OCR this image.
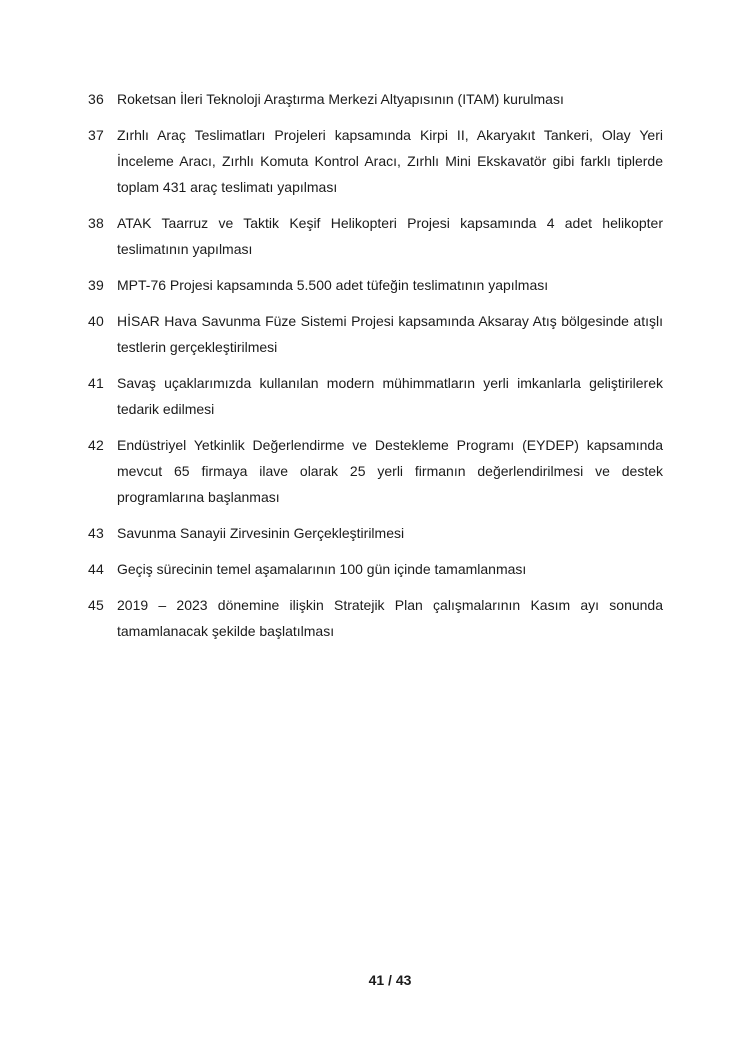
36 Roketsan İleri Teknoloji Araştırma Merkezi Altyapısının (ITAM) kurulması
37 Zırhlı Araç Teslimatları Projeleri kapsamında Kirpi II, Akaryakıt Tankeri, Olay Yeri İnceleme Aracı, Zırhlı Komuta Kontrol Aracı, Zırhlı Mini Ekskavatör gibi farklı tiplerde toplam 431 araç teslimatı yapılması
38 ATAK Taarruz ve Taktik Keşif Helikopteri Projesi kapsamında 4 adet helikopter teslimatının yapılması
39 MPT-76 Projesi kapsamında 5.500 adet tüfeğin teslimatının yapılması
40 HİSAR Hava Savunma Füze Sistemi Projesi kapsamında Aksaray Atış bölgesinde atışlı testlerin gerçekleştirilmesi
41 Savaş uçaklarımızda kullanılan modern mühimmatların yerli imkanlarla geliştirilerek tedarik edilmesi
42 Endüstriyel Yetkinlik Değerlendirme ve Destekleme Programı (EYDEP) kapsamında mevcut 65 firmaya ilave olarak 25 yerli firmanın değerlendirilmesi ve destek programlarına başlanması
43 Savunma Sanayii Zirvesinin Gerçekleştirilmesi
44 Geçiş sürecinin temel aşamalarının 100 gün içinde tamamlanması
45 2019 – 2023 dönemine ilişkin Stratejik Plan çalışmalarının Kasım ayı sonunda tamamlanacak şekilde başlatılması
41 / 43
